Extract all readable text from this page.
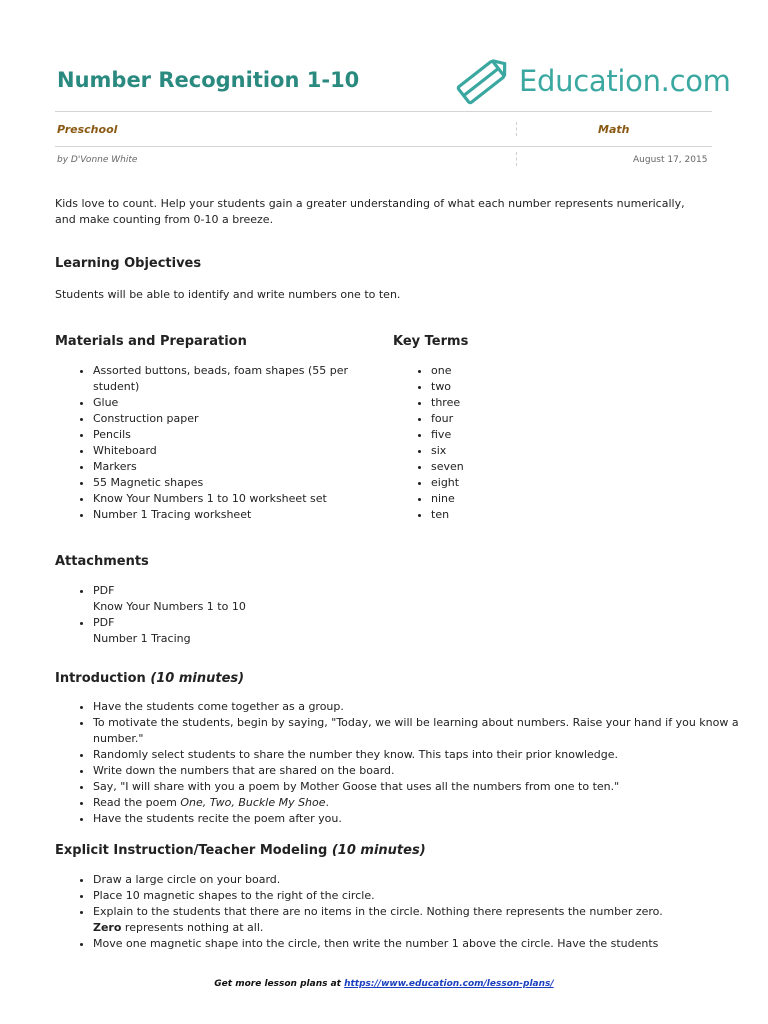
Number Recognition 1-10	Education.com
Preschool	Math
by D'Vonne White	August 17, 2015

Kids love to count. Help your students gain a greater understanding of what each number represents numerically, and make counting from 0-10 a breeze.

Learning Objectives

Students will be able to identify and write numbers one to ten.

Materials and Preparation
• Assorted buttons, beads, foam shapes (55 per student)
• Glue
• Construction paper
• Pencils
• Whiteboard
• Markers
• 55 Magnetic shapes
• Know Your Numbers 1 to 10 worksheet set
• Number 1 Tracing worksheet
Key Terms
• one
• two
• three
• four
• five
• six
• seven
• eight
• nine
• ten
Attachments
• PDF
Know Your Numbers 1 to 10
• PDF
Number 1 Tracing
Introduction (10 minutes)
• Have the students come together as a group.
• To motivate the students, begin by saying, "Today, we will be learning about numbers. Raise your hand if you know a number."
• Randomly select students to share the number they know. This taps into their prior knowledge.
• Write down the numbers that are shared on the board.
• Say, "I will share with you a poem by Mother Goose that uses all the numbers from one to ten."
• Read the poem One, Two, Buckle My Shoe.
• Have the students recite the poem after you.
Explicit Instruction/Teacher Modeling (10 minutes)
• Draw a large circle on your board.
• Place 10 magnetic shapes to the right of the circle.
• Explain to the students that there are no items in the circle. Nothing there represents the number zero.
Zero represents nothing at all.
• Move one magnetic shape into the circle, then write the number 1 above the circle. Have the students
Get more lesson plans at https://www.education.com/lesson-plans/
